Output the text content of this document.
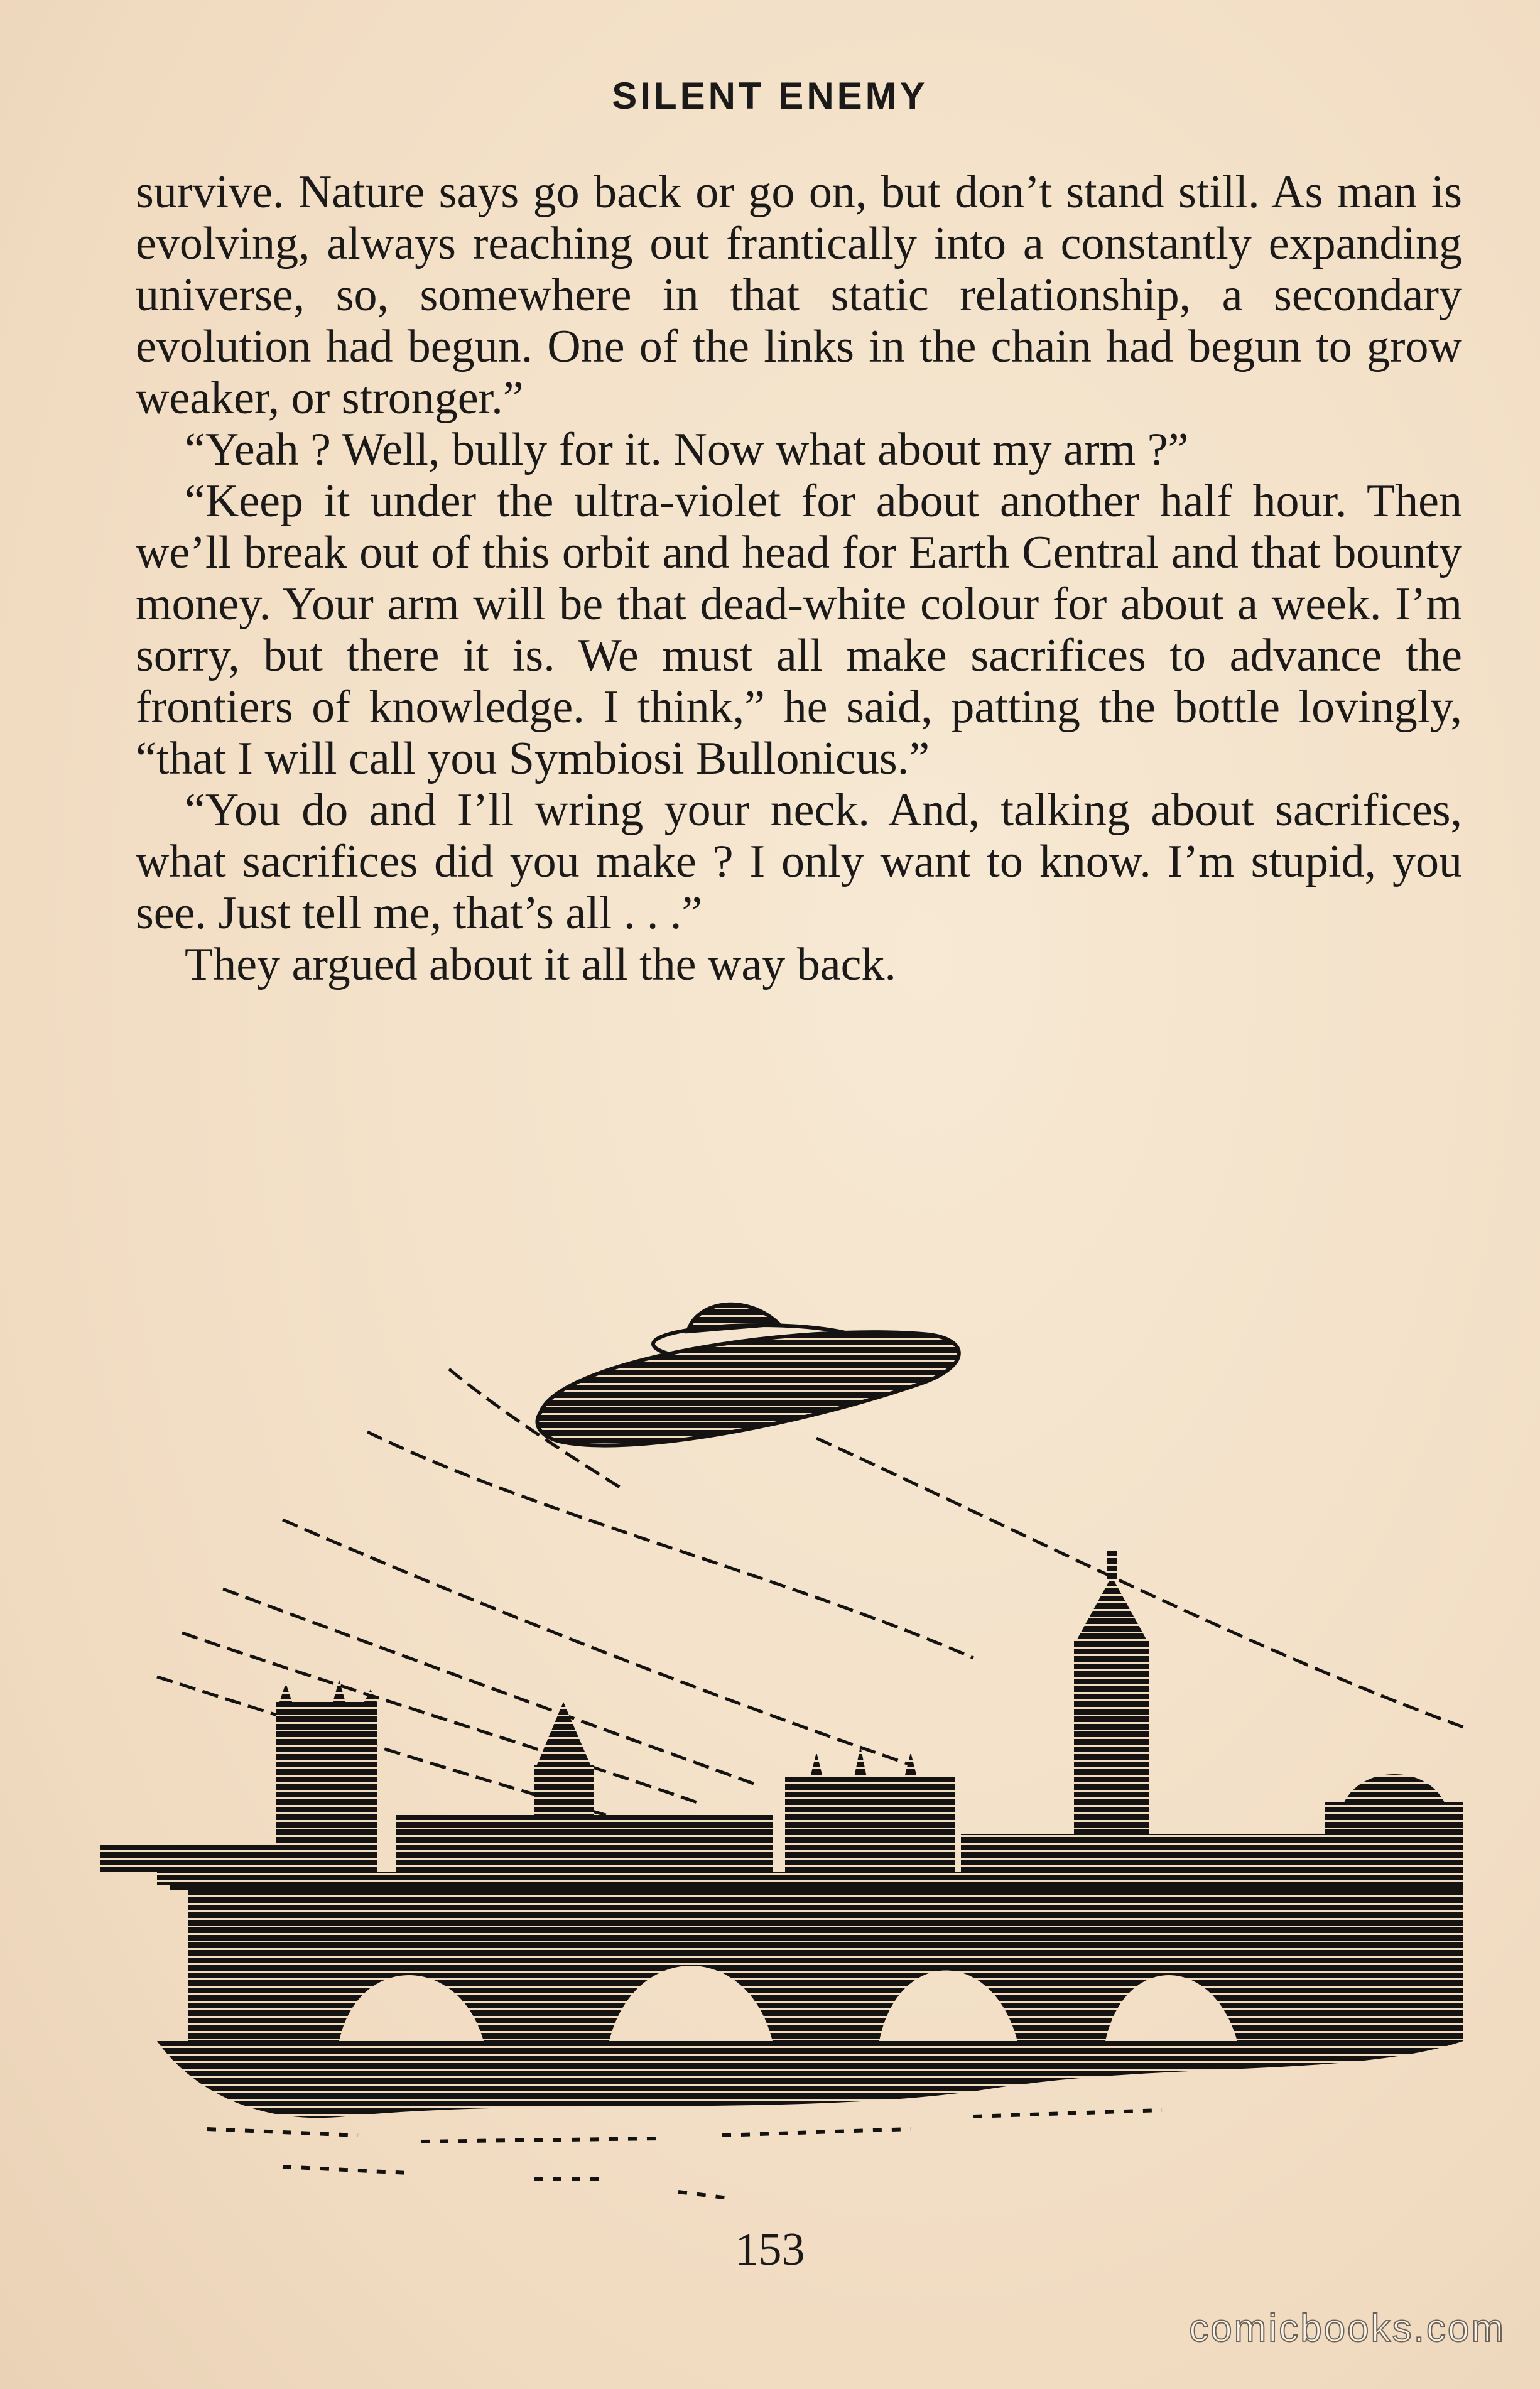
SILENT ENEMY

survive. Nature says go back or go on, but don’t stand still. As man is evolving, always reaching out frantically into a constantly expanding universe, so, somewhere in that static relationship, a secondary evolution had begun. One of the links in the chain had begun to grow weaker, or stronger.”

“Yeah ? Well, bully for it. Now what about my arm ?”

“Keep it under the ultra-violet for about another half hour. Then we’ll break out of this orbit and head for Earth Central and that bounty money. Your arm will be that dead-white colour for about a week. I’m sorry, but there it is. We must all make sacrifices to advance the frontiers of knowledge. I think,” he said, patting the bottle lovingly, “that I will call you Symbiosi Bullonicus.”

“You do and I’ll wring your neck. And, talking about sacrifices, what sacrifices did you make ? I only want to know. I’m stupid, you see. Just tell me, that’s all . . .”

They argued about it all the way back.

153
comicbooks.com
